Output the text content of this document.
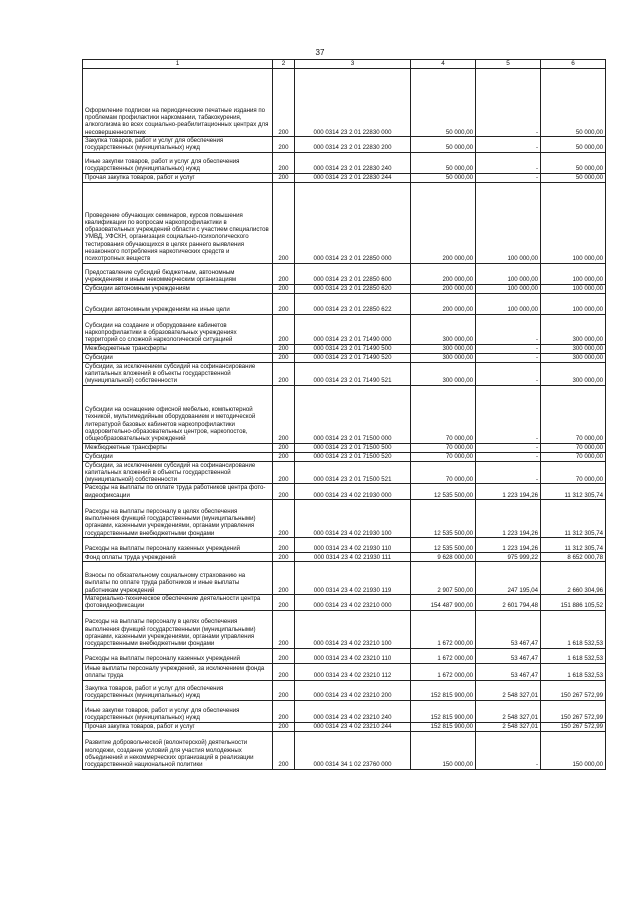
37
1	2	3	4	5	6
Оформление подписки на периодические печатные издания по проблемам профилактики наркомании, табакокурения, алкоголизма во всех социально-реабилитационных центрах для несовершеннолетних	200	000 0314 23 2 01 22830 000	50 000,00	-	50 000,00
Закупка товаров, работ и услуг для обеспечения государственных (муниципальных) нужд	200	000 0314 23 2 01 22830 200	50 000,00	-	50 000,00
Иные закупки товаров, работ и услуг для обеспечения государственных (муниципальных) нужд	200	000 0314 23 2 01 22830 240	50 000,00	-	50 000,00
Прочая закупка товаров, работ и услуг	200	000 0314 23 2 01 22830 244	50 000,00	-	50 000,00
Проведение обучающих семинаров, курсов повышения квалификации по вопросам наркопрофилактики в образовательных учреждений области с участием специалистов УМВД, УФСКН, организация социально-психологического тестирования обучающихся в целях раннего выявления незаконного потребления наркотических средств и психотропных веществ	200	000 0314 23 2 01 22850 000	200 000,00	100 000,00	100 000,00
Предоставление субсидий бюджетным, автономным учреждениям и иным некоммерческим организациям	200	000 0314 23 2 01 22850 600	200 000,00	100 000,00	100 000,00
Субсидии автономным учреждениям	200	000 0314 23 2 01 22850 620	200 000,00	100 000,00	100 000,00
Субсидии автономным учреждениям на иные цели	200	000 0314 23 2 01 22850 622	200 000,00	100 000,00	100 000,00
Субсидии на создание и оборудование кабинетов наркопрофилактики в образовательных учреждениях территорий со сложной наркологической ситуацией	200	000 0314 23 2 01 71490 000	300 000,00	-	300 000,00
Межбюджетные трансферты	200	000 0314 23 2 01 71490 500	300 000,00	-	300 000,00
Субсидии	200	000 0314 23 2 01 71490 520	300 000,00	-	300 000,00
Субсидии, за исключением субсидий на софинансирование капитальных вложений в объекты государственной (муниципальной) собственности	200	000 0314 23 2 01 71490 521	300 000,00	-	300 000,00
Субсидии на оснащение офисной мебелью, компьютерной техникой, мультимедийным оборудованием и методической литературой базовых кабинетов наркопрофилактики оздоровительно-образовательных центров, наркопостов, общеобразовательных учреждений	200	000 0314 23 2 01 71500 000	70 000,00	-	70 000,00
Межбюджетные трансферты	200	000 0314 23 2 01 71500 500	70 000,00	-	70 000,00
Субсидии	200	000 0314 23 2 01 71500 520	70 000,00	-	70 000,00
Субсидии, за исключением субсидий на софинансирование капитальных вложений в объекты государственной (муниципальной) собственности	200	000 0314 23 2 01 71500 521	70 000,00	-	70 000,00
Расходы на выплаты по оплате труда работников центра фото-видеофиксации	200	000 0314 23 4 02 21930 000	12 535 500,00	1 223 194,26	11 312 305,74
Расходы на выплаты персоналу в целях обеспечения выполнения функций государственными (муниципальными) органами, казенными учреждениями, органами управления государственными внебюджетными фондами	200	000 0314 23 4 02 21930 100	12 535 500,00	1 223 194,26	11 312 305,74
Расходы на выплаты персоналу казенных учреждений	200	000 0314 23 4 02 21930 110	12 535 500,00	1 223 194,26	11 312 305,74
Фонд оплаты труда учреждений	200	000 0314 23 4 02 21930 111	9 628 000,00	975 999,22	8 652 000,78
Взносы по обязательному социальному страхованию на выплаты по оплате труда работников и иные выплаты работникам учреждений	200	000 0314 23 4 02 21930 119	2 907 500,00	247 195,04	2 660 304,96
Материально-техническое обеспечение деятельности центра фотовидеофиксации	200	000 0314 23 4 02 23210 000	154 487 900,00	2 601 794,48	151 886 105,52
Расходы на выплаты персоналу в целях обеспечения выполнения функций государственными (муниципальными) органами, казенными учреждениями, органами управления государственными внебюджетными фондами	200	000 0314 23 4 02 23210 100	1 672 000,00	53 467,47	1 618 532,53
Расходы на выплаты персоналу казенных учреждений	200	000 0314 23 4 02 23210 110	1 672 000,00	53 467,47	1 618 532,53
Иные выплаты персоналу учреждений, за исключением фонда оплаты труда	200	000 0314 23 4 02 23210 112	1 672 000,00	53 467,47	1 618 532,53
Закупка товаров, работ и услуг для обеспечения государственных (муниципальных) нужд	200	000 0314 23 4 02 23210 200	152 815 900,00	2 548 327,01	150 267 572,99
Иные закупки товаров, работ и услуг для обеспечения государственных (муниципальных) нужд	200	000 0314 23 4 02 23210 240	152 815 900,00	2 548 327,01	150 267 572,99
Прочая закупка товаров, работ и услуг	200	000 0314 23 4 02 23210 244	152 815 900,00	2 548 327,01	150 267 572,99
Развитие добровольческой (волонтерской) деятельности молодежи, создание условий для участия молодежных объединений и некоммерческих организаций в реализации государственной национальной политики	200	000 0314 34 1 02 23760 000	150 000,00	-	150 000,00
